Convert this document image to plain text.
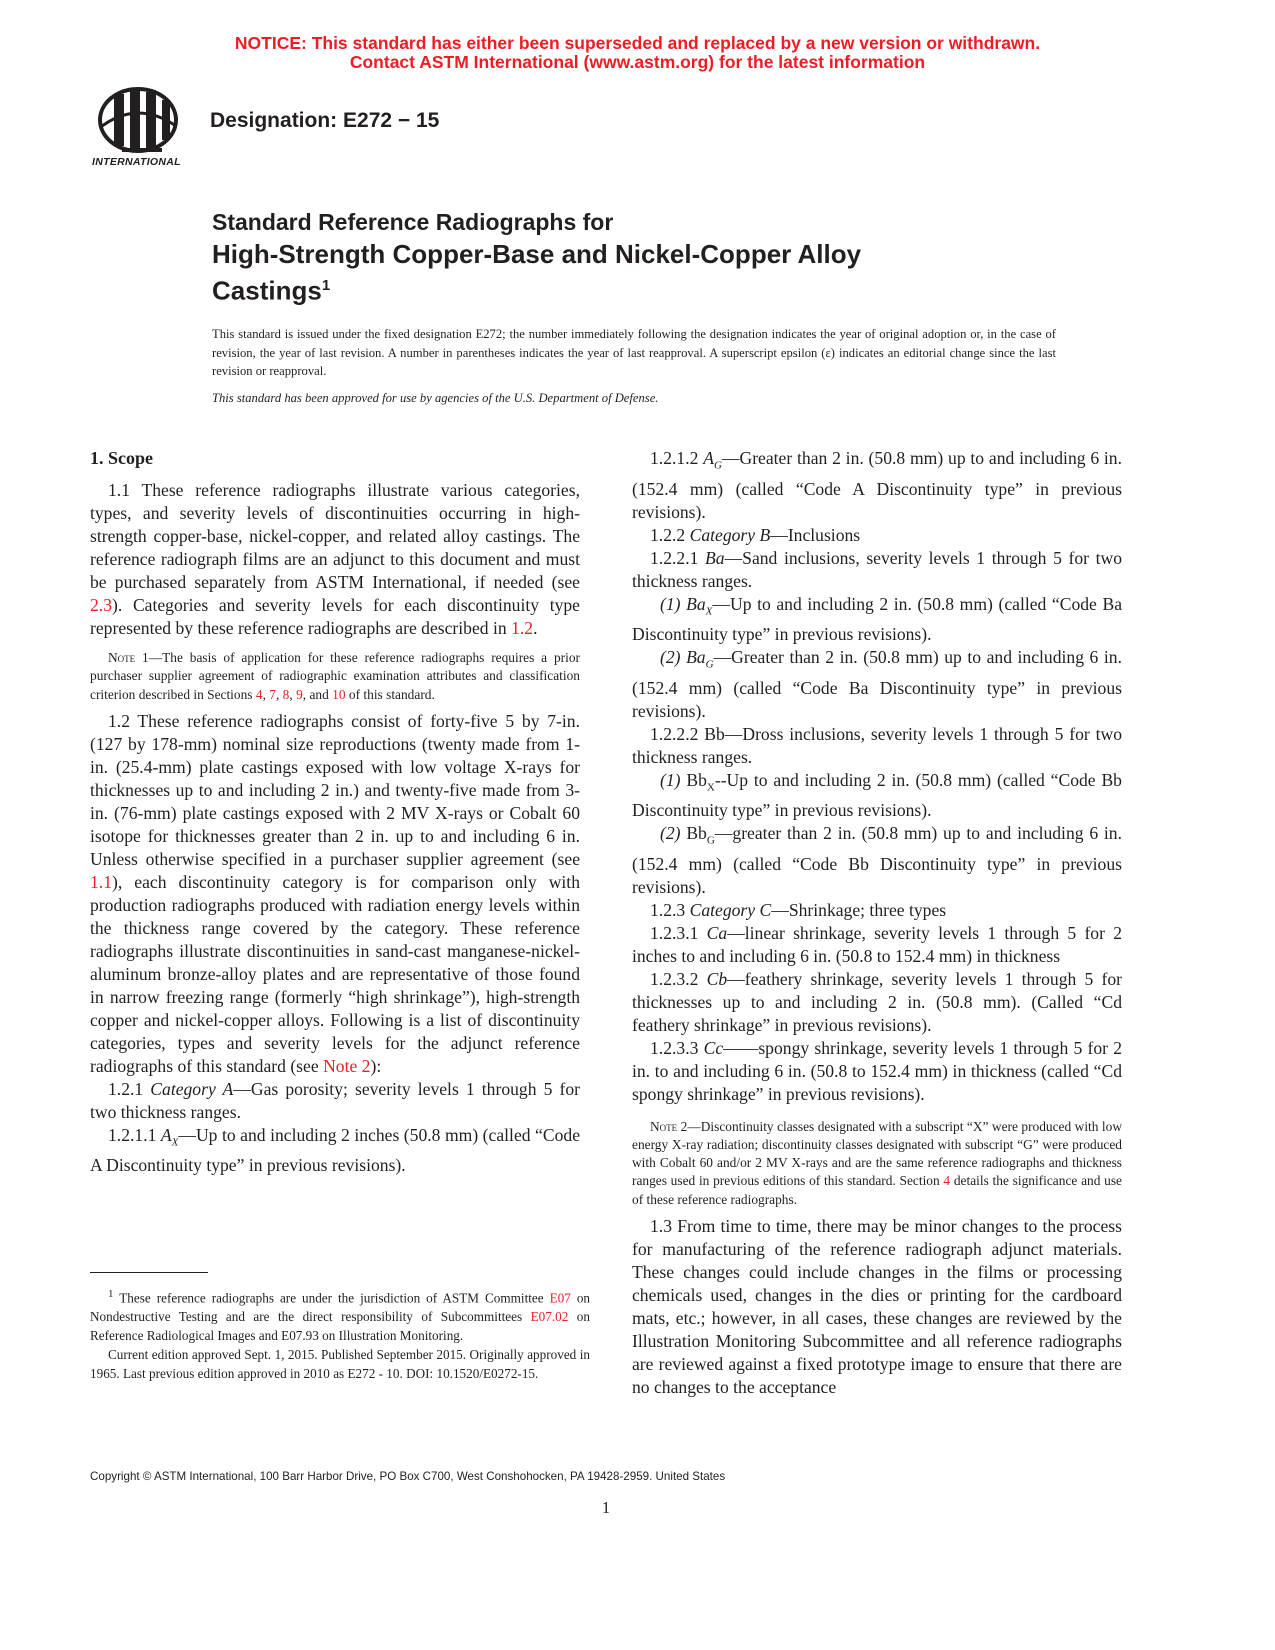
NOTICE: This standard has either been superseded and replaced by a new version or withdrawn.
Contact ASTM International (www.astm.org) for the latest information
INTERNATIONAL
Designation: E272 − 15
Standard Reference Radiographs for
High-Strength Copper-Base and Nickel-Copper Alloy
Castings$^1$
This standard is issued under the fixed designation E272; the number immediately following the designation indicates the year of original adoption or, in the case of revision, the year of last revision. A number in parentheses indicates the year of last reapproval. A superscript epsilon (ε) indicates an editorial change since the last revision or reapproval.
This standard has been approved for use by agencies of the U.S. Department of Defense.

1. Scope

1.1 These reference radiographs illustrate various categories, types, and severity levels of discontinuities occurring in high-strength copper-base, nickel-copper, and related alloy castings. The reference radiograph films are an adjunct to this document and must be purchased separately from ASTM International, if needed (see 2.3). Categories and severity levels for each discontinuity type represented by these reference radiographs are described in 1.2.

Note 1—The basis of application for these reference radiographs requires a prior purchaser supplier agreement of radiographic examination attributes and classification criterion described in Sections 4, 7, 8, 9, and 10 of this standard.

1.2 These reference radiographs consist of forty-five 5 by 7-in. (127 by 178-mm) nominal size reproductions (twenty made from 1-in. (25.4-mm) plate castings exposed with low voltage X-rays for thicknesses up to and including 2 in.) and twenty-five made from 3-in. (76-mm) plate castings exposed with 2 MV X-rays or Cobalt 60 isotope for thicknesses greater than 2 in. up to and including 6 in. Unless otherwise specified in a purchaser supplier agreement (see 1.1), each discontinuity category is for comparison only with production radiographs produced with radiation energy levels within the thickness range covered by the category. These reference radiographs illustrate discontinuities in sand-cast manganese-nickel-aluminum bronze-alloy plates and are representative of those found in narrow freezing range (formerly “high shrinkage”), high-strength copper and nickel-copper alloys. Following is a list of discontinuity categories, types and severity levels for the adjunct reference radiographs of this standard (see Note 2):

1.2.1 Category A—Gas porosity; severity levels 1 through 5 for two thickness ranges.

1.2.1.1 $A_X—Up$ to and including 2 inches (50.8 mm) (called “Code A Discontinuity type” in previous revisions).

1.2.1.2 $A_G—Greater$ than 2 in. (50.8 mm) up to and including 6 in. (152.4 mm) (called “Code A Discontinuity type” in previous revisions).

1.2.2 Category B—Inclusions

1.2.2.1 Ba—Sand inclusions, severity levels 1 through 5 for two thickness ranges.

(1) $Ba_X—Up$ to and including 2 in. (50.8 mm) (called “Code Ba Discontinuity type” in previous revisions).

(2) $Ba_G—Greater$ than 2 in. (50.8 mm) up to and including 6 in. (152.4 mm) (called “Code Ba Discontinuity type” in previous revisions).

1.2.2.2 Bb—Dross inclusions, severity levels 1 through 5 for two thickness ranges.

(1) $Bb_X--Up$ to and including 2 in. (50.8 mm) (called “Code Bb Discontinuity type” in previous revisions).

(2) $Bb_G—greater$ than 2 in. (50.8 mm) up to and including 6 in. (152.4 mm) (called “Code Bb Discontinuity type” in previous revisions).

1.2.3 Category C—Shrinkage; three types

1.2.3.1 Ca—linear shrinkage, severity levels 1 through 5 for 2 inches to and including 6 in. (50.8 to 152.4 mm) in thickness

1.2.3.2 Cb—feathery shrinkage, severity levels 1 through 5 for thicknesses up to and including 2 in. (50.8 mm). (Called “Cd feathery shrinkage” in previous revisions).

1.2.3.3 Cc——spongy shrinkage, severity levels 1 through 5 for 2 in. to and including 6 in. (50.8 to 152.4 mm) in thickness (called “Cd spongy shrinkage” in previous revisions).

Note 2—Discontinuity classes designated with a subscript “X” were produced with low energy X-ray radiation; discontinuity classes designated with subscript “G” were produced with Cobalt 60 and/or 2 MV X-rays and are the same reference radiographs and thickness ranges used in previous editions of this standard. Section 4 details the significance and use of these reference radiographs.

1.3 From time to time, there may be minor changes to the process for manufacturing of the reference radiograph adjunct materials. These changes could include changes in the films or processing chemicals used, changes in the dies or printing for the cardboard mats, etc.; however, in all cases, these changes are reviewed by the Illustration Monitoring Subcommittee and all reference radiographs are reviewed against a fixed prototype image to ensure that there are no changes to the acceptance

$^1$ These reference radiographs are under the jurisdiction of ASTM Committee E07 on Nondestructive Testing and are the direct responsibility of Subcommittees E07.02 on Reference Radiological Images and E07.93 on Illustration Monitoring.

Current edition approved Sept. 1, 2015. Published September 2015. Originally approved in 1965. Last previous edition approved in 2010 as E272 - 10. DOI: 10.1520/E0272-15.

Copyright © ASTM International, 100 Barr Harbor Drive, PO Box C700, West Conshohocken, PA 19428-2959. United States
1
